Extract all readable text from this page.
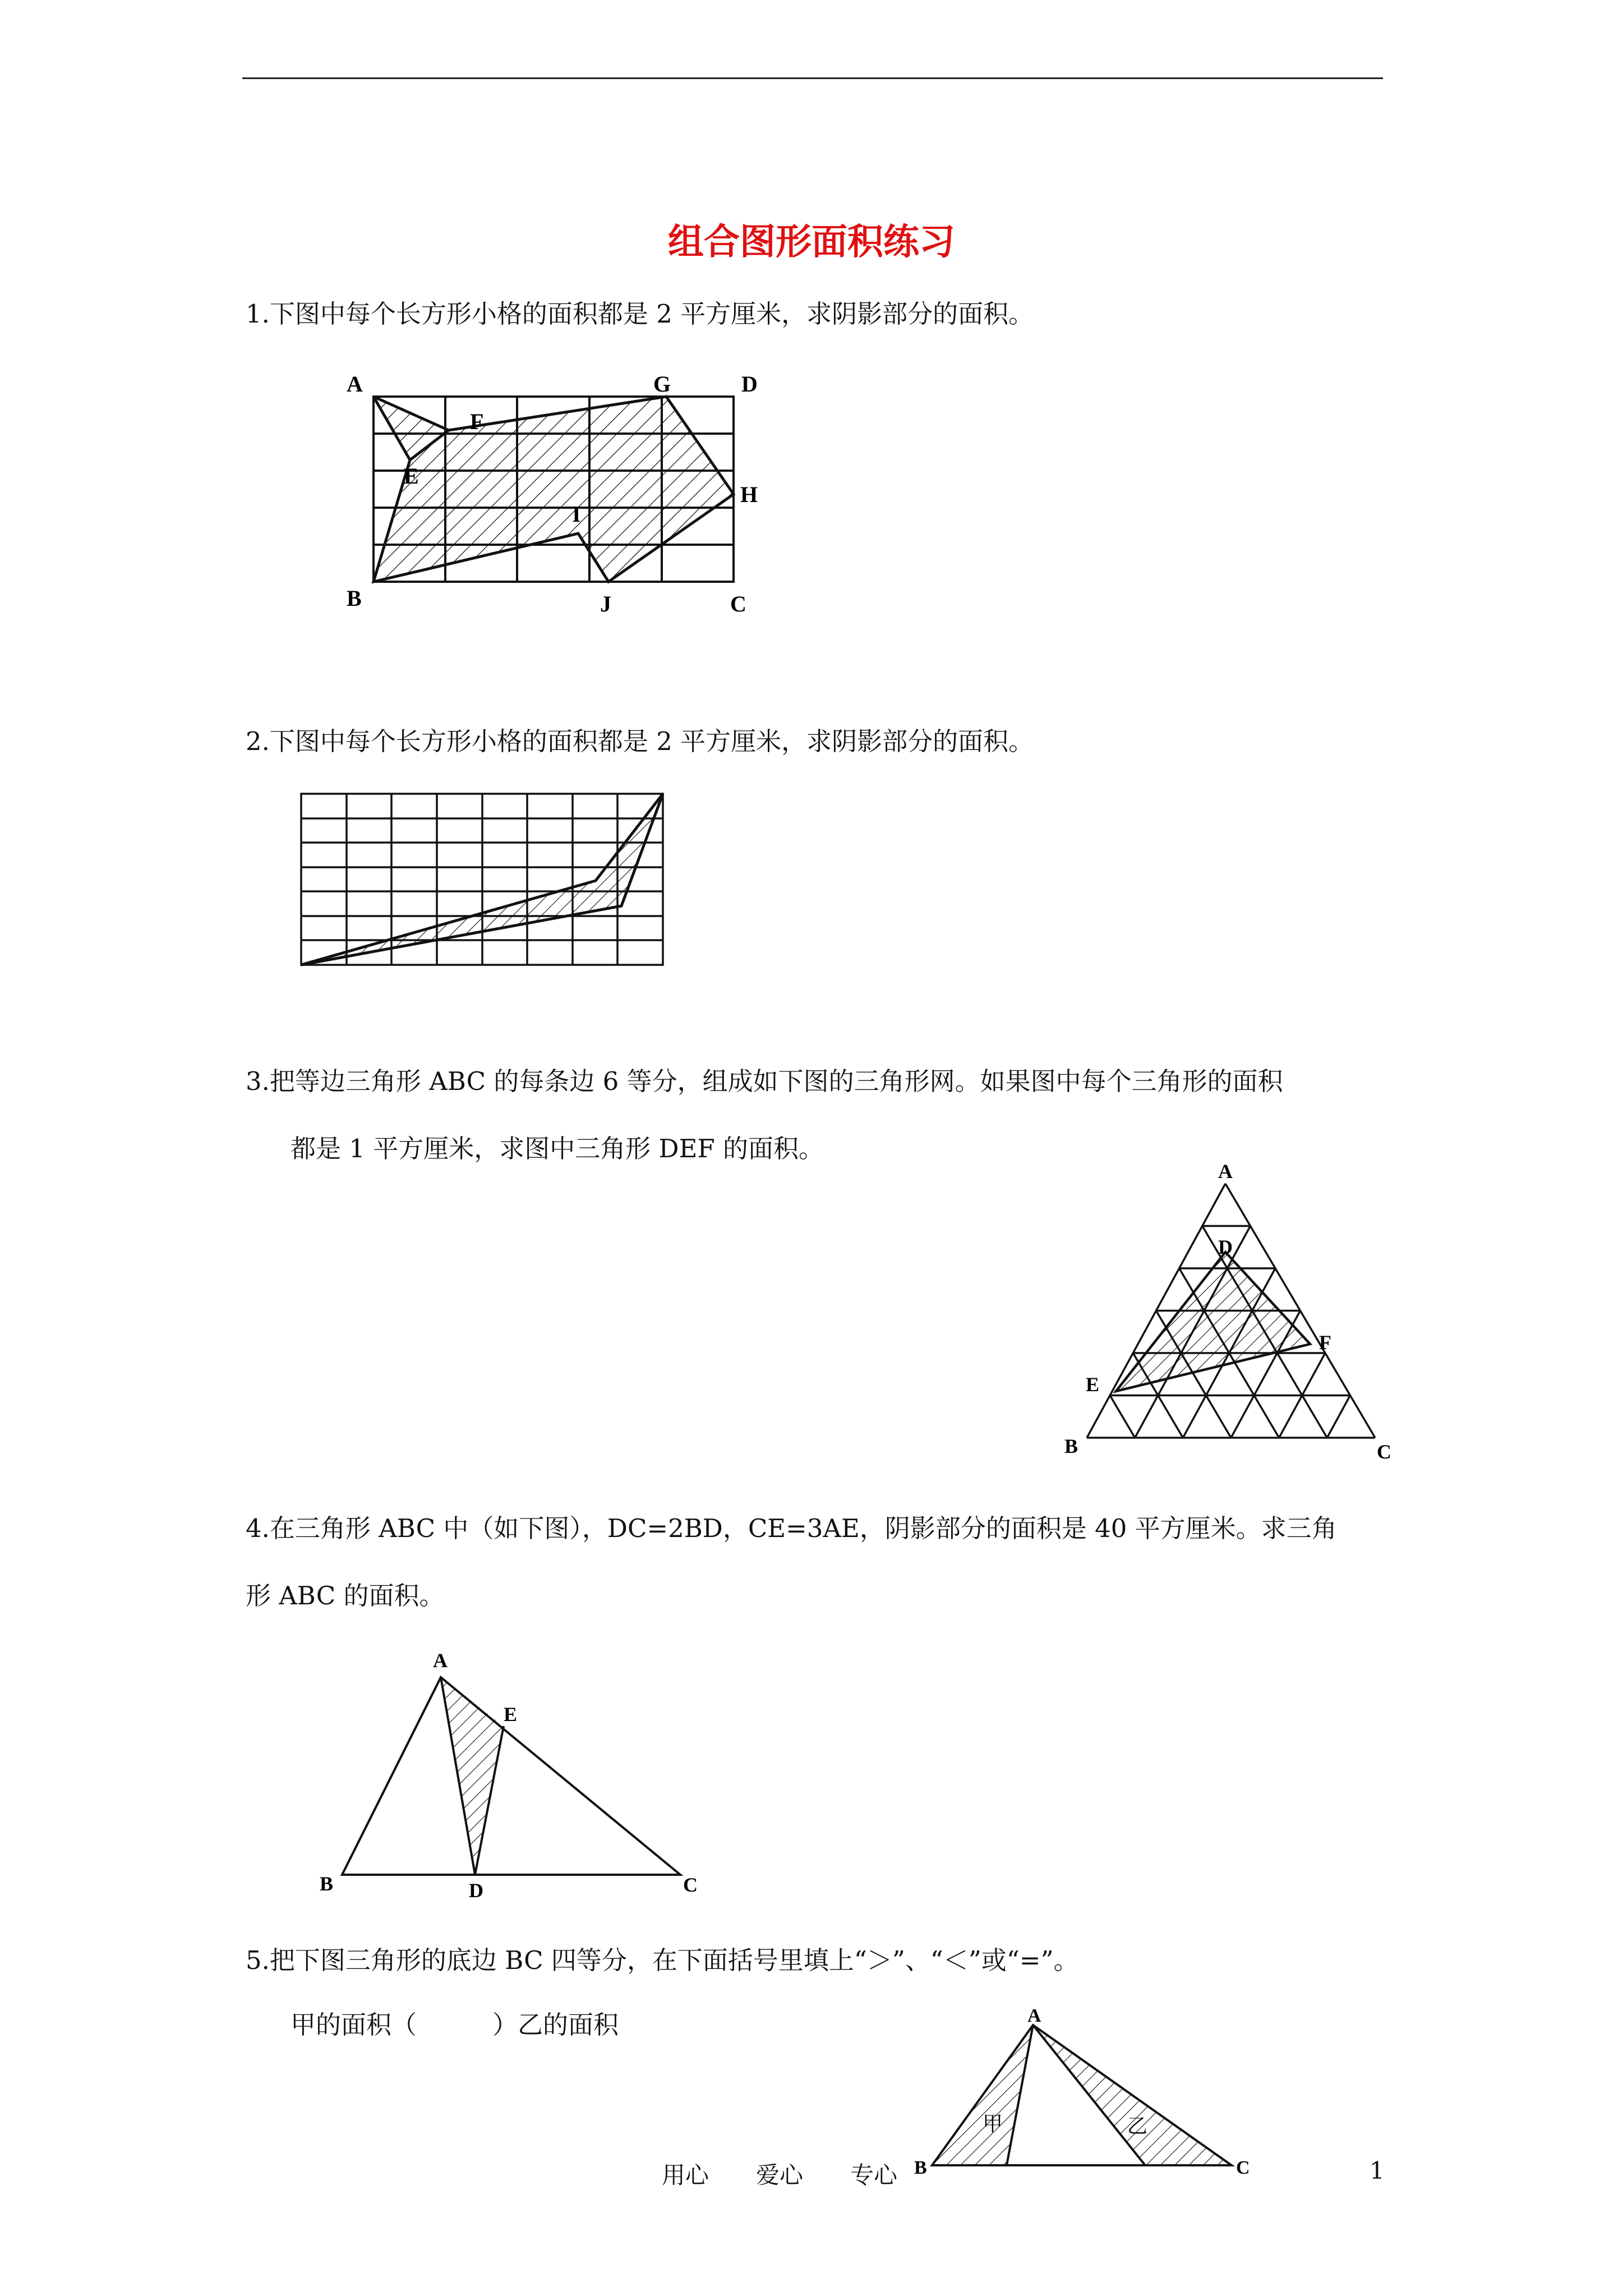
组合图形面积练习
1.下图中每个长方形小格的面积都是 2 平方厘米，求阴影部分的面积。
A	G	D
F
E
H
I
B	J	C
2.下图中每个长方形小格的面积都是 2 平方厘米，求阴影部分的面积。
3.把等边三角形 ABC 的每条边 6 等分，组成如下图的三角形网。如果图中每个三角形的面积
都是 1 平方厘米，求图中三角形 DEF 的面积。
A
D
F
E
B	C
4.在三角形 ABC 中（如下图），DC=2BD，CE=3AE，阴影部分的面积是 40 平方厘米。求三角
形 ABC 的面积。
A
E
B	D	C
5.把下图三角形的底边 BC 四等分，在下面括号里填上“＞”、“＜”或“=”。
甲的面积（　　　）乙的面积	A
B	C
甲	乙
用心　　爱心　　专心	1
